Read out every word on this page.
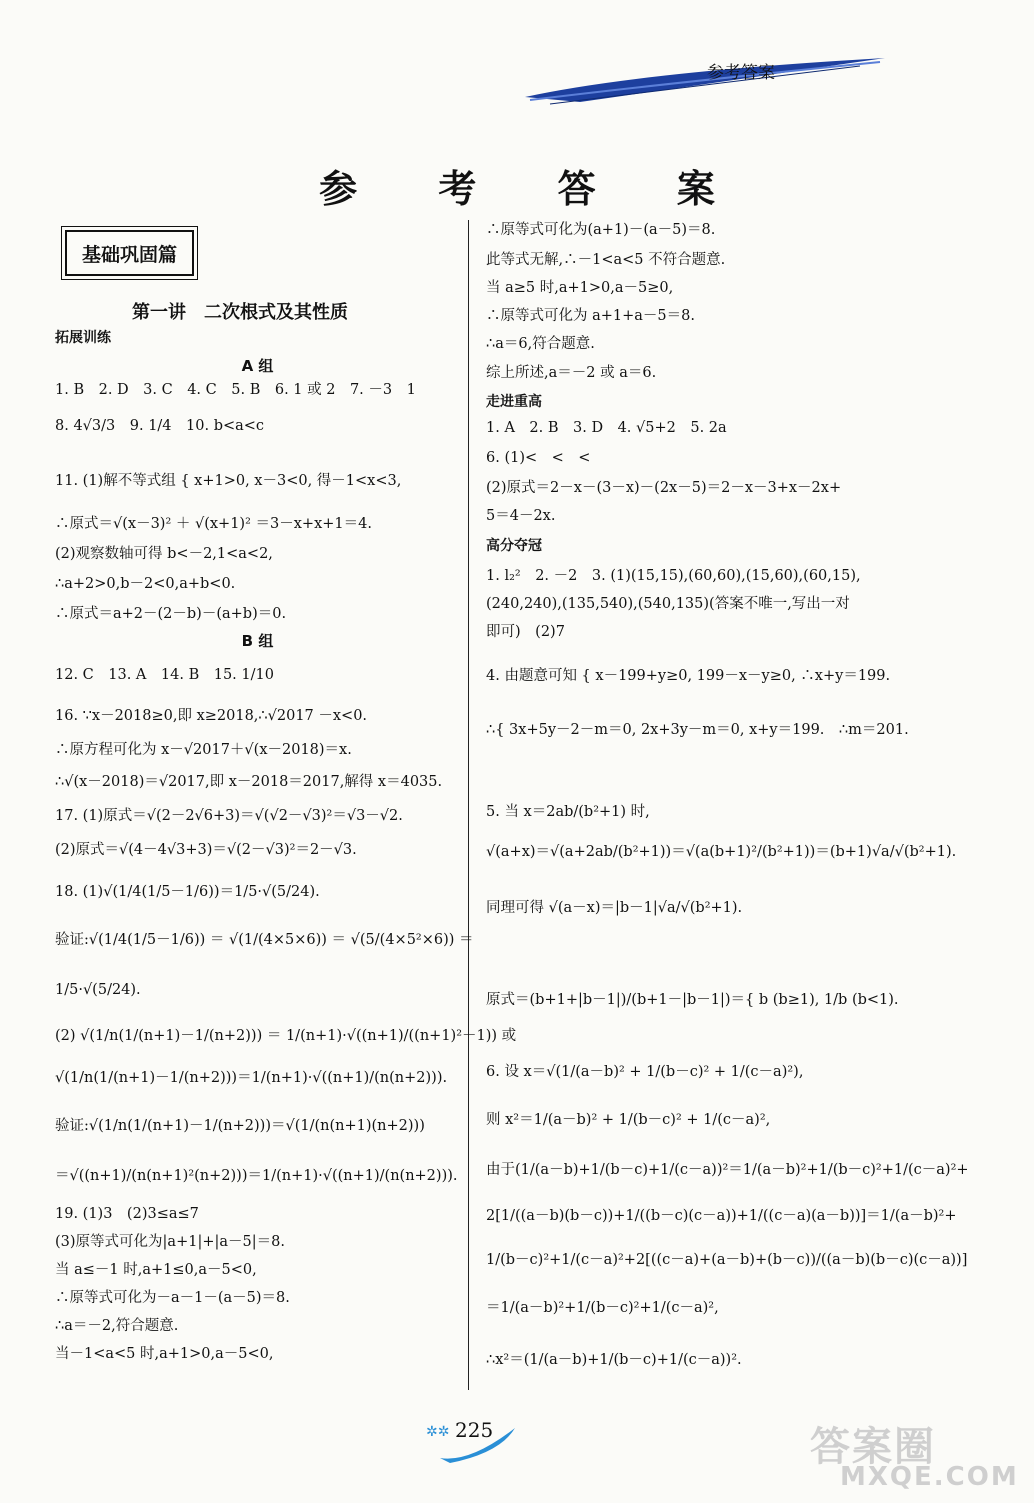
参考答案
参 考 答 案
基础巩固篇
第一讲　二次根式及其性质
拓展训练
A 组
1. B　2. D　3. C　4. C　5. B　6. 1 或 2　7. －3　1
8. 4√3/3　9. 1/4　10. b<a<c
11. (1)解不等式组 { x+1>0, x－3<0, 得－1<x<3,
∴原式＝√(x－3)² ＋ √(x+1)² ＝3－x+x+1＝4.
(2)观察数轴可得 b<－2,1<a<2,
∴a+2>0,b－2<0,a+b<0.
∴原式＝a+2－(2－b)－(a+b)＝0.
B 组
12. C　13. A　14. B　15. 1/10
16. ∵x－2018≥0,即 x≥2018,∴√2017 －x<0.
∴原方程可化为 x－√2017＋√(x－2018)＝x.
∴√(x－2018)＝√2017,即 x－2018＝2017,解得 x＝4035.
17. (1)原式＝√(2－2√6+3)＝√(√2－√3)²＝√3－√2.
(2)原式＝√(4－4√3+3)＝√(2－√3)²＝2－√3.
18. (1)√(1/4(1/5－1/6))＝1/5·√(5/24).
验证:√(1/4(1/5－1/6)) ＝ √(1/(4×5×6)) ＝ √(5/(4×5²×6)) ＝
1/5·√(5/24).
(2) √(1/n(1/(n+1)－1/(n+2))) ＝ 1/(n+1)·√((n+1)/((n+1)²－1)) 或
√(1/n(1/(n+1)－1/(n+2)))＝1/(n+1)·√((n+1)/(n(n+2))).
验证:√(1/n(1/(n+1)－1/(n+2)))＝√(1/(n(n+1)(n+2)))
＝√((n+1)/(n(n+1)²(n+2)))＝1/(n+1)·√((n+1)/(n(n+2))).
19. (1)3　(2)3≤a≤7
(3)原等式可化为|a+1|+|a－5|＝8.
当 a≤－1 时,a+1≤0,a－5<0,
∴原等式可化为－a－1－(a－5)＝8.
∴a＝－2,符合题意.
当－1<a<5 时,a+1>0,a－5<0,
∴原等式可化为(a+1)－(a－5)＝8.
此等式无解,∴－1<a<5 不符合题意.
当 a≥5 时,a+1>0,a－5≥0,
∴原等式可化为 a+1+a－5＝8.
∴a＝6,符合题意.
综上所述,a＝－2 或 a＝6.
走进重高
1. A　2. B　3. D　4. √5+2　5. 2a
6. (1)<　<　<
(2)原式＝2－x－(3－x)－(2x－5)＝2－x－3+x－2x+
5＝4－2x.
高分夺冠
1. l₂²　2. －2　3. (1)(15,15),(60,60),(15,60),(60,15),
(240,240),(135,540),(540,135)(答案不唯一,写出一对
即可)　(2)7
4. 由题意可知 { x－199+y≥0, 199－x－y≥0, ∴x+y＝199.
∴{ 3x+5y－2－m＝0, 2x+3y－m＝0, x+y＝199.　∴m＝201.
5. 当 x＝2ab/(b²+1) 时,
√(a+x)＝√(a+2ab/(b²+1))＝√(a(b+1)²/(b²+1))＝(b+1)√a/√(b²+1).
同理可得 √(a－x)＝|b－1|√a/√(b²+1).
原式＝(b+1+|b－1|)/(b+1－|b－1|)＝{ b (b≥1), 1/b (b<1).
6. 设 x＝√(1/(a－b)² + 1/(b－c)² + 1/(c－a)²),
则 x²＝1/(a－b)² + 1/(b－c)² + 1/(c－a)²,
由于(1/(a－b)+1/(b－c)+1/(c－a))²＝1/(a－b)²+1/(b－c)²+1/(c－a)²+
2[1/((a－b)(b－c))+1/((b－c)(c－a))+1/((c－a)(a－b))]＝1/(a－b)²+
1/(b－c)²+1/(c－a)²+2[((c－a)+(a－b)+(b－c))/((a－b)(b－c)(c－a))]
＝1/(a－b)²+1/(b－c)²+1/(c－a)²,
∴x²＝(1/(a－b)+1/(b－c)+1/(c－a))².
✲✲ 225	答案圈
MXQE.COM
